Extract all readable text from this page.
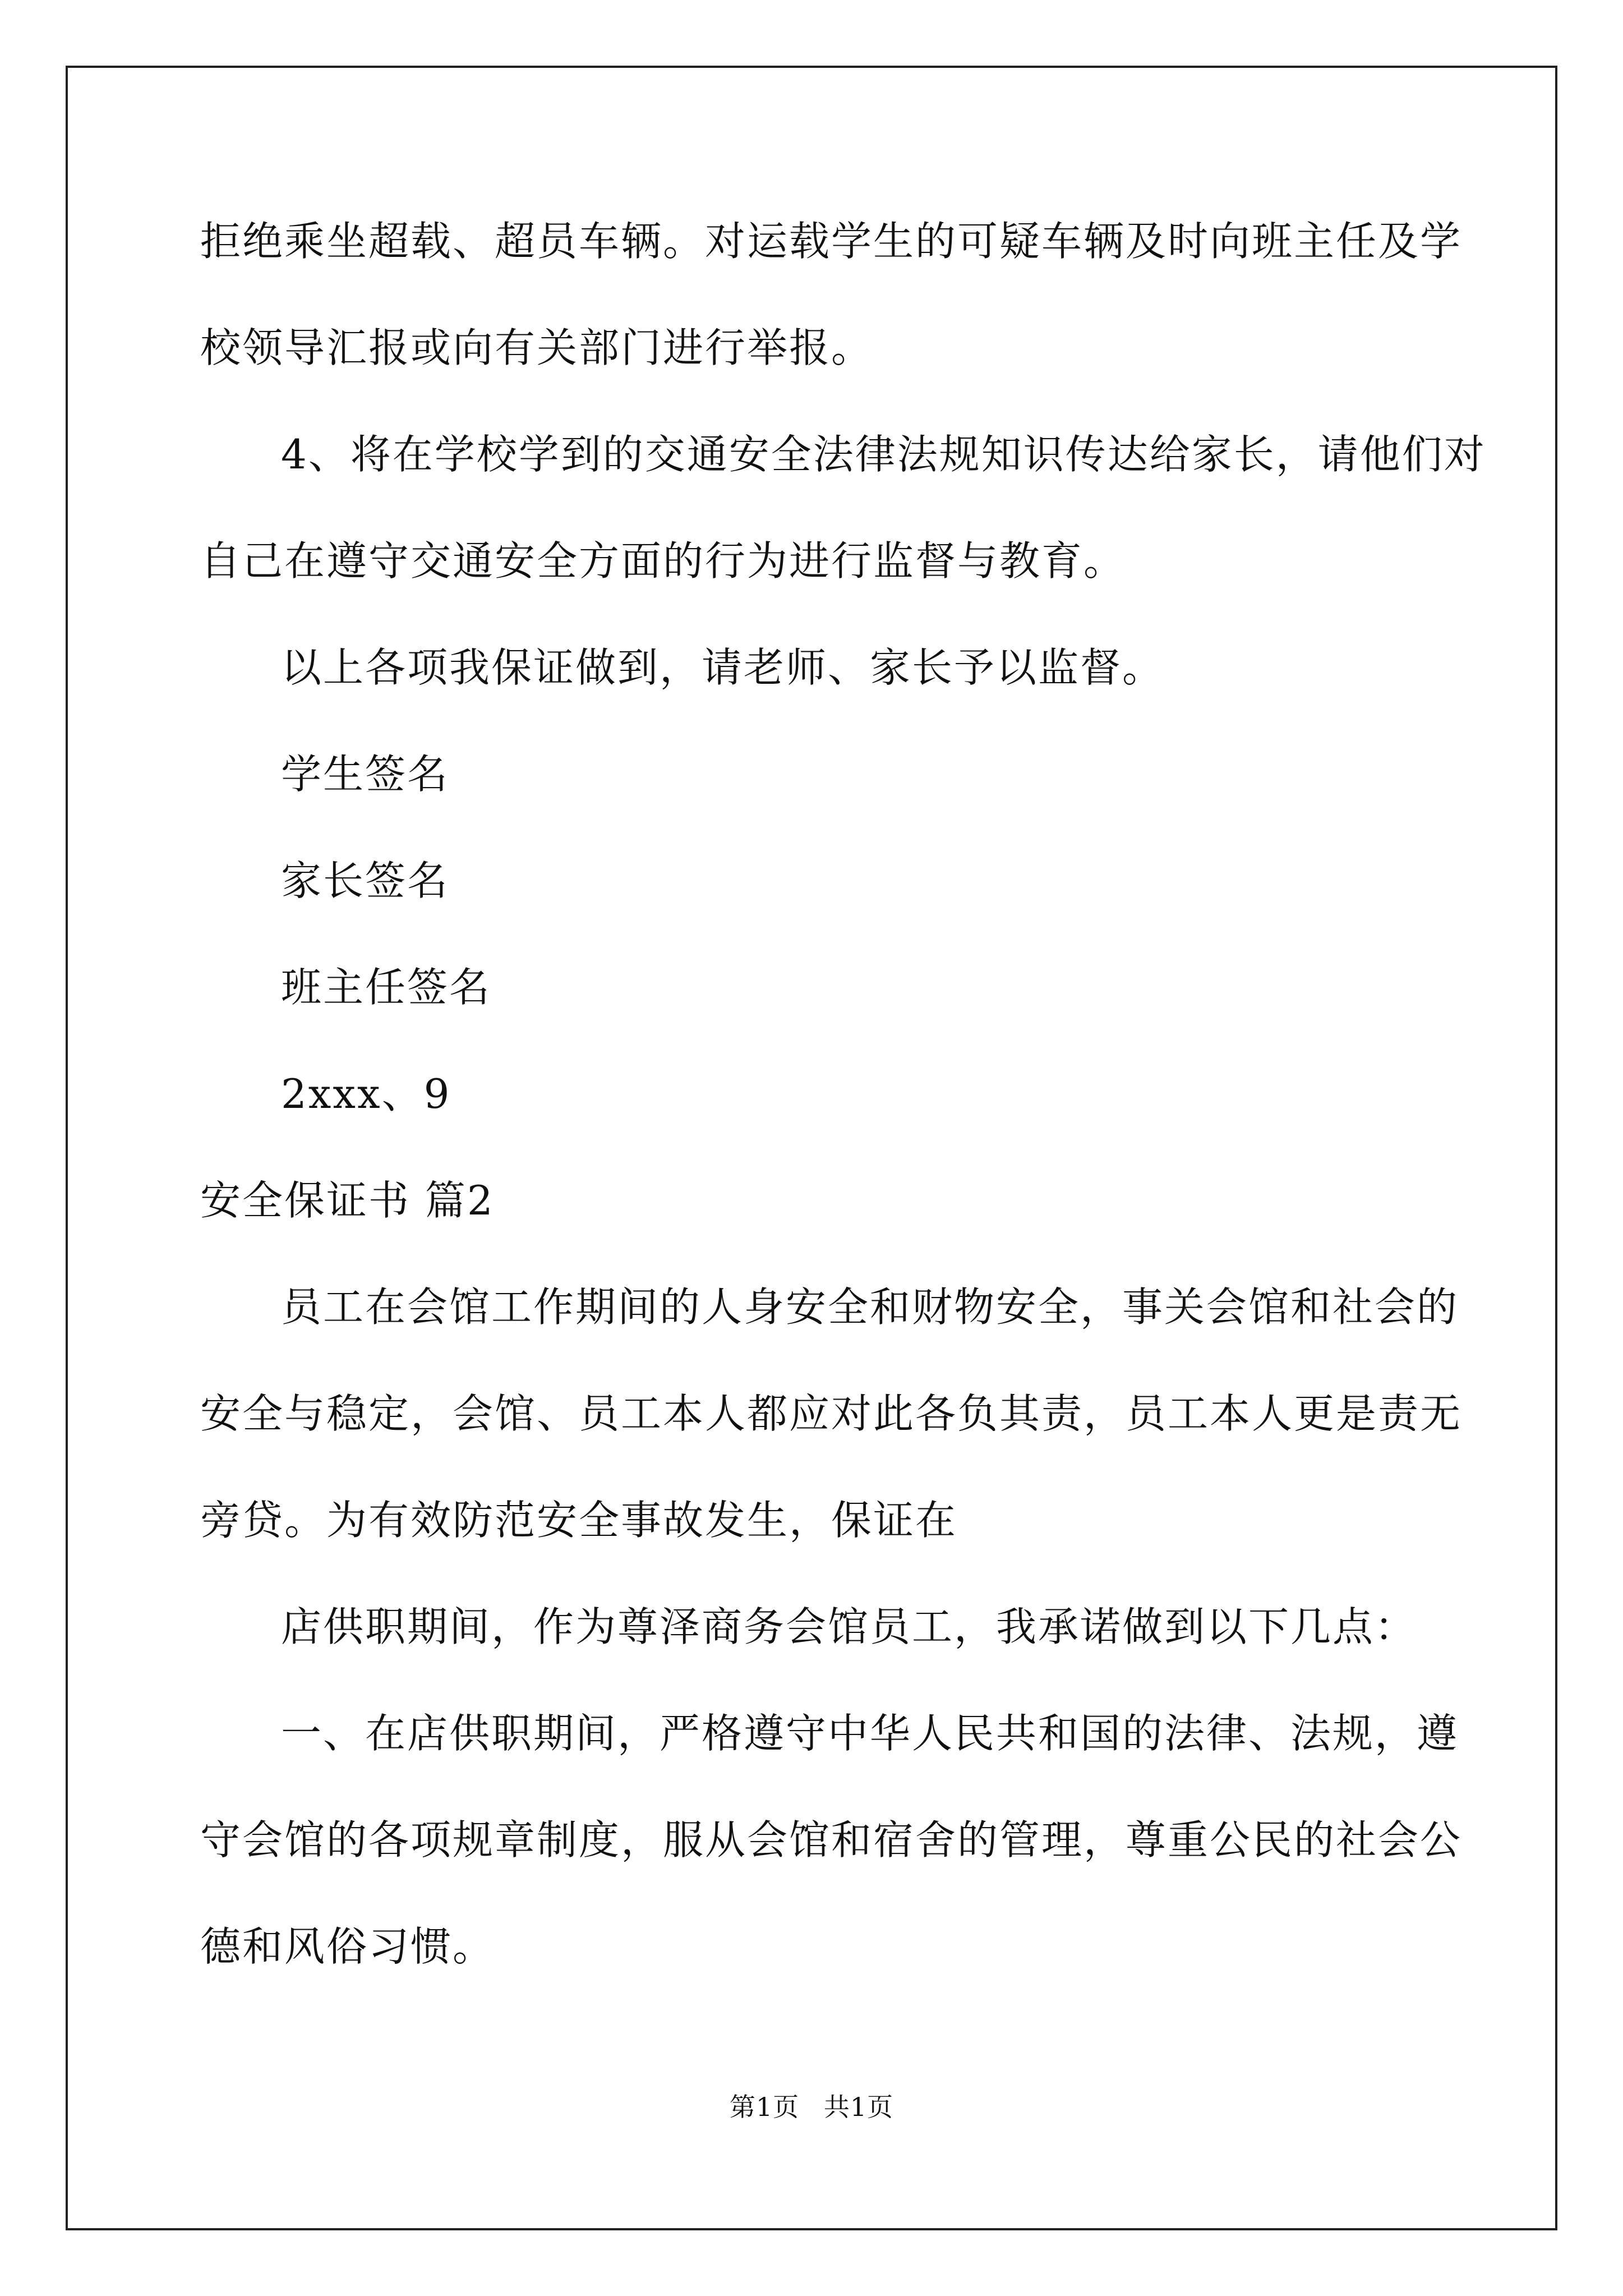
拒绝乘坐超载、超员车辆。对运载学生的可疑车辆及时向班主任及学
校领导汇报或向有关部门进行举报。
4、将在学校学到的交通安全法律法规知识传达给家长，请他们对
自己在遵守交通安全方面的行为进行监督与教育。
以上各项我保证做到，请老师、家长予以监督。
学生签名
家长签名
班主任签名
2xxx、9
安全保证书 篇2
员工在会馆工作期间的人身安全和财物安全，事关会馆和社会的
安全与稳定，会馆、员工本人都应对此各负其责，员工本人更是责无
旁贷。为有效防范安全事故发生，保证在
店供职期间，作为尊泽商务会馆员工，我承诺做到以下几点：
一、在店供职期间，严格遵守中华人民共和国的法律、法规，遵
守会馆的各项规章制度，服从会馆和宿舍的管理，尊重公民的社会公
德和风俗习惯。
第1页 共1页
